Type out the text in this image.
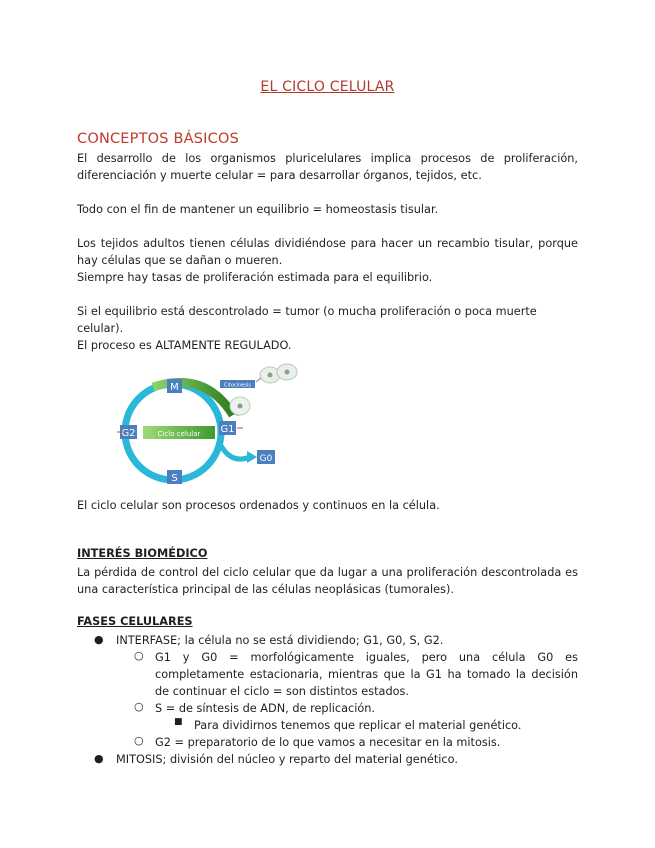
EL CICLO CELULAR
CONCEPTOS BÁSICOS

El desarrollo de los organismos pluricelulares implica procesos de proliferación, diferenciación y muerte celular = para desarrollar órganos, tejidos, etc.

Todo con el fin de mantener un equilibrio = homeostasis tisular.

Los tejidos adultos tienen células dividiéndose para hacer un recambio tisular, porque hay células que se dañan o mueren.

Siempre hay tasas de proliferación estimada para el equilibrio.

Si el equilibrio está descontrolado = tumor (o mucha proliferación o poca muerte celular).

El proceso es ALTAMENTE REGULADO.

Ciclo celular
M
G1
G2
S
G0
Citocinesis

El ciclo celular son procesos ordenados y continuos en la célula.

INTERÉS BIOMÉDICO

La pérdida de control del ciclo celular que da lugar a una proliferación descontrolada es una característica principal de las células neoplásicas (tumorales).

FASES CELULARES
● INTERFASE; la célula no se está dividiendo; G1, G0, S, G2.
○ G1 y G0 = morfológicamente iguales, pero una célula G0 es completamente estacionaria, mientras que la G1 ha tomado la decisión de continuar el ciclo = son distintos estados.
○ S = de síntesis de ADN, de replicación.
■ Para dividirnos tenemos que replicar el material genético.
○ G2 = preparatorio de lo que vamos a necesitar en la mitosis.
● MITOSIS; división del núcleo y reparto del material genético.
